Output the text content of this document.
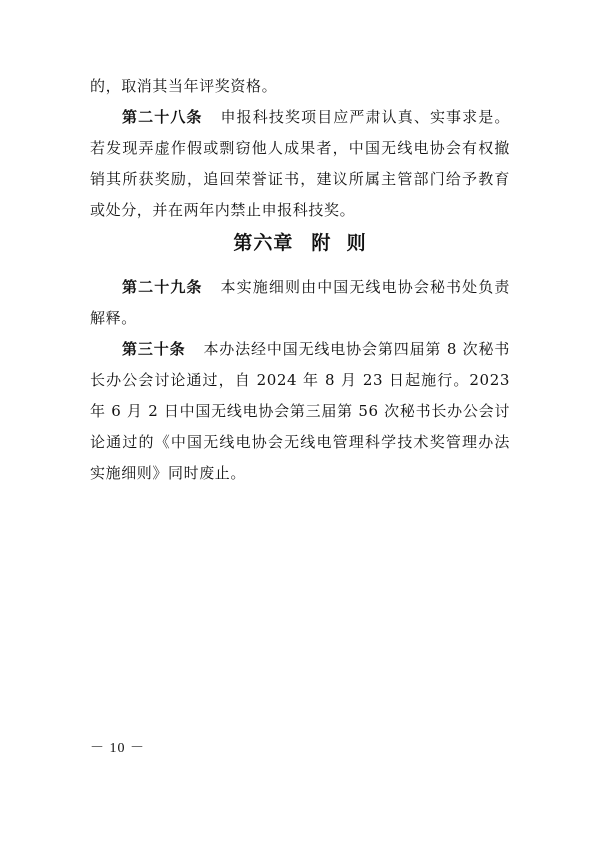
的，取消其当年评奖资格。

第二十八条 申报科技奖项目应严肃认真、实事求是。若发现弄虚作假或剽窃他人成果者，中国无线电协会有权撤销其所获奖励，追回荣誉证书，建议所属主管部门给予教育或处分，并在两年内禁止申报科技奖。

第六章 附  则

第二十九条 本实施细则由中国无线电协会秘书处负责解释。

第三十条 本办法经中国无线电协会第四届第 8 次秘书长办公会讨论通过，自 2024 年 8 月 23 日起施行。2023 年 6 月 2 日中国无线电协会第三届第 56 次秘书长办公会讨论通过的《中国无线电协会无线电管理科学技术奖管理办法实施细则》同时废止。

－ 10 －
